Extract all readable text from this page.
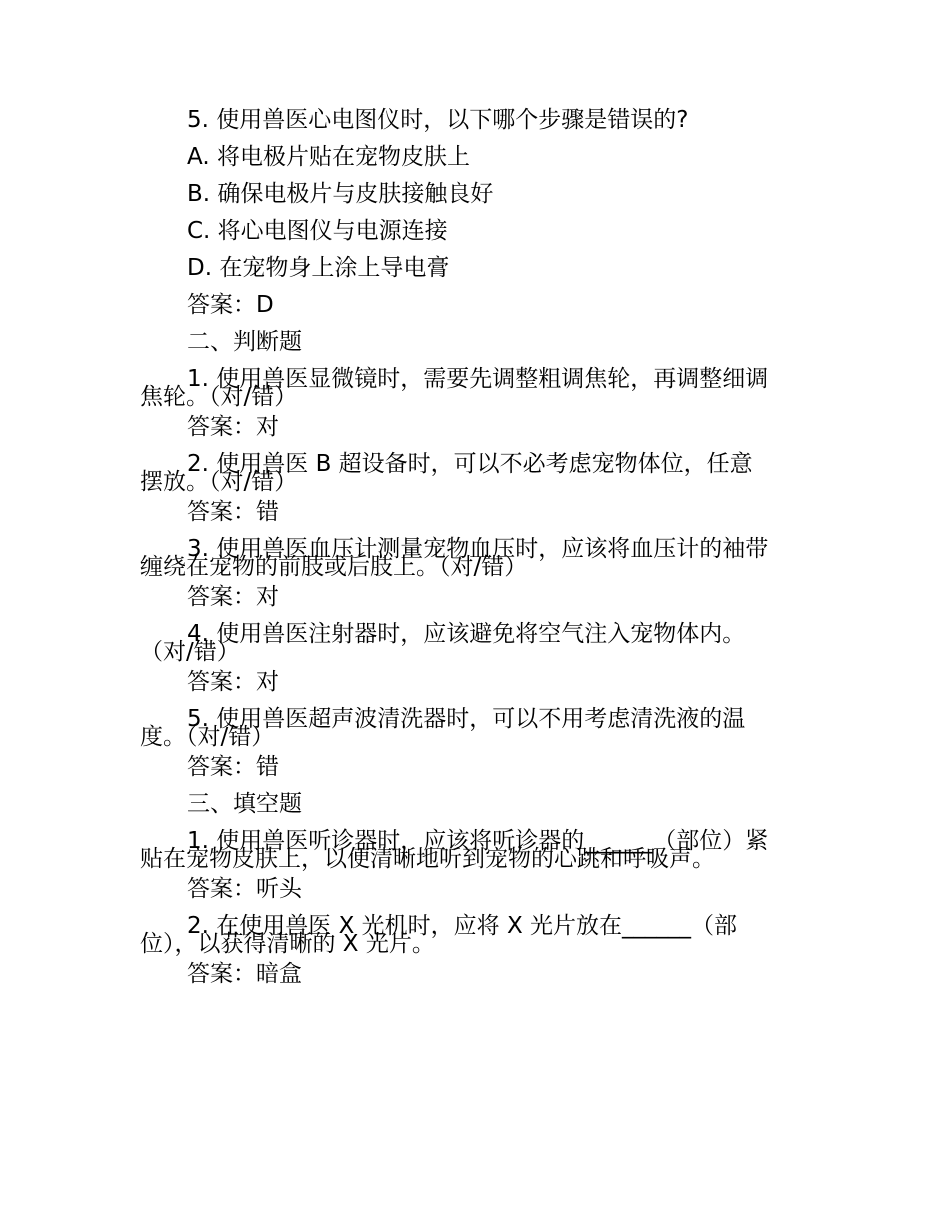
5. 使用兽医心电图仪时，以下哪个步骤是错误的?

A. 将电极片贴在宠物皮肤上

B. 确保电极片与皮肤接触良好

C. 将心电图仪与电源连接

D. 在宠物身上涂上导电膏

答案：D

二、判断题

1. 使用兽医显微镜时，需要先调整粗调焦轮，再调整细调
焦轮。（对/错）

答案：对

2. 使用兽医 B 超设备时，可以不必考虑宠物体位，任意
摆放。（对/错）

答案：错

3. 使用兽医血压计测量宠物血压时，应该将血压计的袖带
缠绕在宠物的前肢或后肢上。（对/错）

答案：对

4. 使用兽医注射器时，应该避免将空气注入宠物体内。
（对/错）

答案：对

5. 使用兽医超声波清洗器时，可以不用考虑清洗液的温
度。（对/错）

答案：错

三、填空题

1. 使用兽医听诊器时，应该将听诊器的______（部位）紧
贴在宠物皮肤上，以便清晰地听到宠物的心跳和呼吸声。

答案：听头

2. 在使用兽医 X 光机时，应将 X 光片放在______（部
位），以获得清晰的 X 光片。

答案：暗盒
